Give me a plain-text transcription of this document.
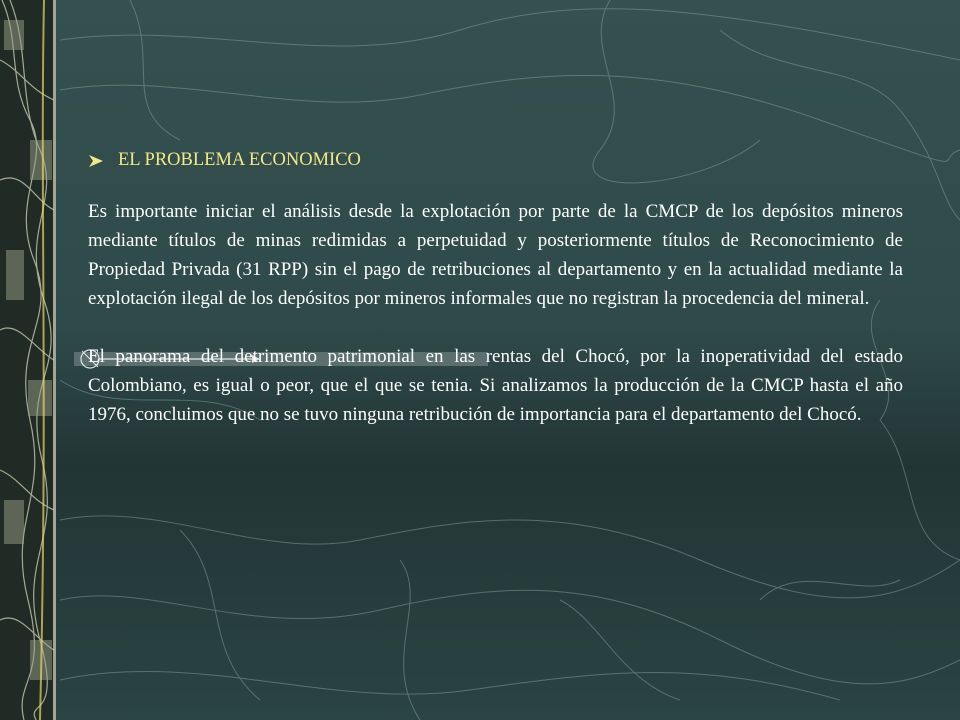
EL PROBLEMA ECONOMICO

Es importante iniciar el análisis desde la explotación por parte de la CMCP de los depósitos mineros mediante títulos de minas redimidas a perpetuidad y posteriormente títulos de Reconocimiento de Propiedad Privada (31 RPP) sin el pago de retribuciones al departamento y en la actualidad mediante la explotación ilegal de los depósitos por mineros informales que no registran la procedencia del mineral.

El panorama del detrimento patrimonial en las rentas del Chocó, por la inoperatividad del estado Colombiano, es igual o peor, que el que se tenia. Si analizamos la producción de la CMCP hasta el año 1976, concluimos que no se tuvo ninguna retribución de importancia para el departamento del Chocó.
